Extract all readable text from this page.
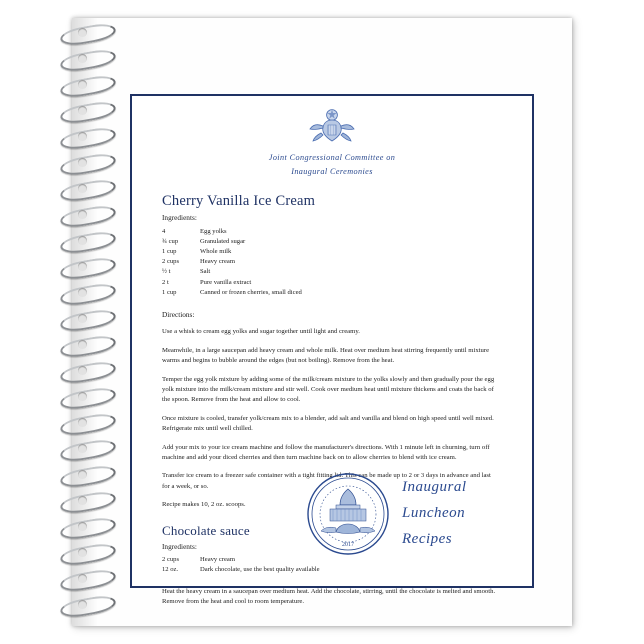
Joint Congressional Committee on
Inaugural Ceremonies
Cherry Vanilla Ice Cream
Ingredients:
4	Egg yolks
¾ cup	Granulated sugar
1 cup	Whole milk
2 cups	Heavy cream
½ t	Salt
2 t	Pure vanilla extract
1 cup	Canned or frozen cherries, small diced
Directions:

Use a whisk to cream egg yolks and sugar together until light and creamy.

Meanwhile, in a large saucepan add heavy cream and whole milk. Heat over medium heat stirring frequently until mixture warms and begins to bubble around the edges (but not boiling). Remove from the heat.

Temper the egg yolk mixture by adding some of the milk/cream mixture to the yolks slowly and then gradually pour the egg yolk mixture into the milk/cream mixture and stir well. Cook over medium heat until mixture thickens and coats the back of the spoon. Remove from the heat and allow to cool.

Once mixture is cooled, transfer yolk/cream mix to a blender, add salt and vanilla and blend on high speed until well mixed. Refrigerate mix until well chilled.

Add your mix to your ice cream machine and follow the manufacturer's directions. With 1 minute left in churning, turn off machine and add your diced cherries and then turn machine back on to allow cherries to blend with ice cream.

Transfer ice cream to a freezer safe container with a tight fitting lid. This can be made up to 2 or 3 days in advance and last for a week, or so.

Recipe makes 10, 2 oz. scoops.

Chocolate sauce
Ingredients:
2 cups	Heavy cream
12 oz.	Dark chocolate, use the best quality available

Heat the heavy cream in a saucepan over medium heat. Add the chocolate, stirring, until the chocolate is melted and smooth. Remove from the heat and cool to room temperature.

2017
Inaugural
Luncheon
Recipes
